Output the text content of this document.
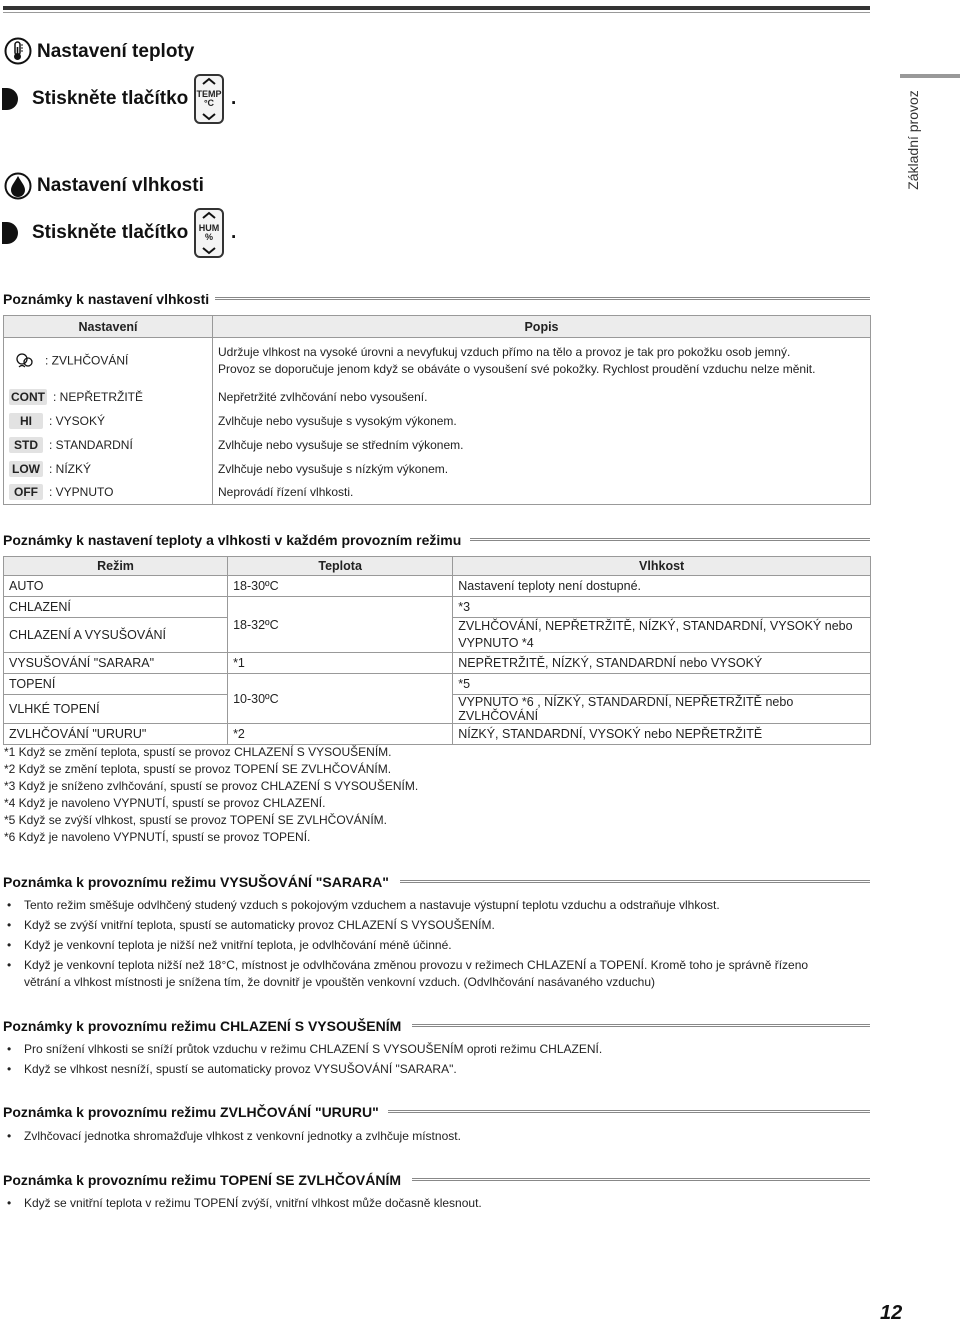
Základní provoz
Nastavení teploty
Stiskněte tlačítko TEMP
°C .
Nastavení vlhkosti
Stiskněte tlačítko HUM
% .
Poznámky k nastavení vlhkosti
Nastavení	Popis
: ZVLHČOVÁNÍ	Udržuje vlhkost na vysoké úrovni a nevyfukuj vzduch přímo na tělo a provoz je tak pro pokožku osob jemný.
Provoz se doporučuje jenom když se obáváte o vysoušení své pokožky. Rychlost proudění vzduchu nelze měnit.

CONT : NEPŘETRŽITĚ	Nepřetržité zvlhčování nebo vysoušení.
HI : VYSOKÝ	Zvlhčuje nebo vysušuje s vysokým výkonem.
STD : STANDARDNÍ	Zvlhčuje nebo vysušuje se středním výkonem.
LOW : NÍZKÝ	Zvlhčuje nebo vysušuje s nízkým výkonem.
OFF : VYPNUTO	Neprovádí řízení vlhkosti.
Poznámky k nastavení teploty a vlhkosti v každém provozním režimu
Režim	Teplota	Vlhkost
AUTO	18-30ºC	Nastavení teploty není dostupné.
CHLAZENÍ	18-32ºC	*3
CHLAZENÍ A VYSUŠOVÁNÍ		ZVLHČOVÁNÍ, NEPŘETRŽITĚ, NÍZKÝ, STANDARDNÍ, VYSOKÝ nebo VYPNUTO *4
VYSUŠOVÁNÍ "SARARA"	*1	NEPŘETRŽITĚ, NÍZKÝ, STANDARDNÍ nebo VYSOKÝ
TOPENÍ	10-30ºC	*5
VLHKÉ TOPENÍ		VYPNUTO *6 , NÍZKÝ, STANDARDNÍ, NEPŘETRŽITĚ nebo ZVLHČOVÁNÍ
ZVLHČOVÁNÍ "URURU"	*2	NÍZKÝ, STANDARDNÍ, VYSOKÝ nebo NEPŘETRŽITĚ
*1 Když se změní teplota, spustí se provoz CHLAZENÍ S VYSOUŠENÍM.
*2 Když se změní teplota, spustí se provoz TOPENÍ SE ZVLHČOVÁNÍM.
*3 Když je sníženo zvlhčování, spustí se provoz CHLAZENÍ S VYSOUŠENÍM.
*4 Když je navoleno VYPNUTÍ, spustí se provoz CHLAZENÍ.
*5 Když se zvýší vlhkost, spustí se provoz TOPENÍ SE ZVLHČOVÁNÍM.
*6 Když je navoleno VYPNUTÍ, spustí se provoz TOPENÍ.
Poznámka k provoznímu režimu VYSUŠOVÁNÍ "SARARA"
• Tento režim směšuje odvlhčený studený vzduch s pokojovým vzduchem a nastavuje výstupní teplotu vzduchu a odstraňuje vlhkost.
• Když se zvýší vnitřní teplota, spustí se automaticky provoz CHLAZENÍ S VYSOUŠENÍM.
• Když je venkovní teplota je nižší než vnitřní teplota, je odvlhčování méně účinné.
• Když je venkovní teplota nižší než 18°C, místnost je odvlhčována změnou provozu v režimech CHLAZENÍ a TOPENÍ. Kromě toho je správně řízeno
větrání a vlhkost místnosti je snížena tím, že dovnitř je vpouštěn venkovní vzduch. (Odvlhčování nasávaného vzduchu)
Poznámky k provoznímu režimu CHLAZENÍ S VYSOUŠENÍM
• Pro snížení vlhkosti se sníží průtok vzduchu v režimu CHLAZENÍ S VYSOUŠENÍM oproti režimu CHLAZENÍ.
• Když se vlhkost nesníží, spustí se automaticky provoz VYSUŠOVÁNÍ "SARARA".
Poznámka k provoznímu režimu ZVLHČOVÁNÍ "URURU"
• Zvlhčovací jednotka shromažďuje vlhkost z venkovní jednotky a zvlhčuje místnost.
Poznámka k provoznímu režimu TOPENÍ SE ZVLHČOVÁNÍM
• Když se vnitřní teplota v režimu TOPENÍ zvýší, vnitřní vlhkost může dočasně klesnout.
12
